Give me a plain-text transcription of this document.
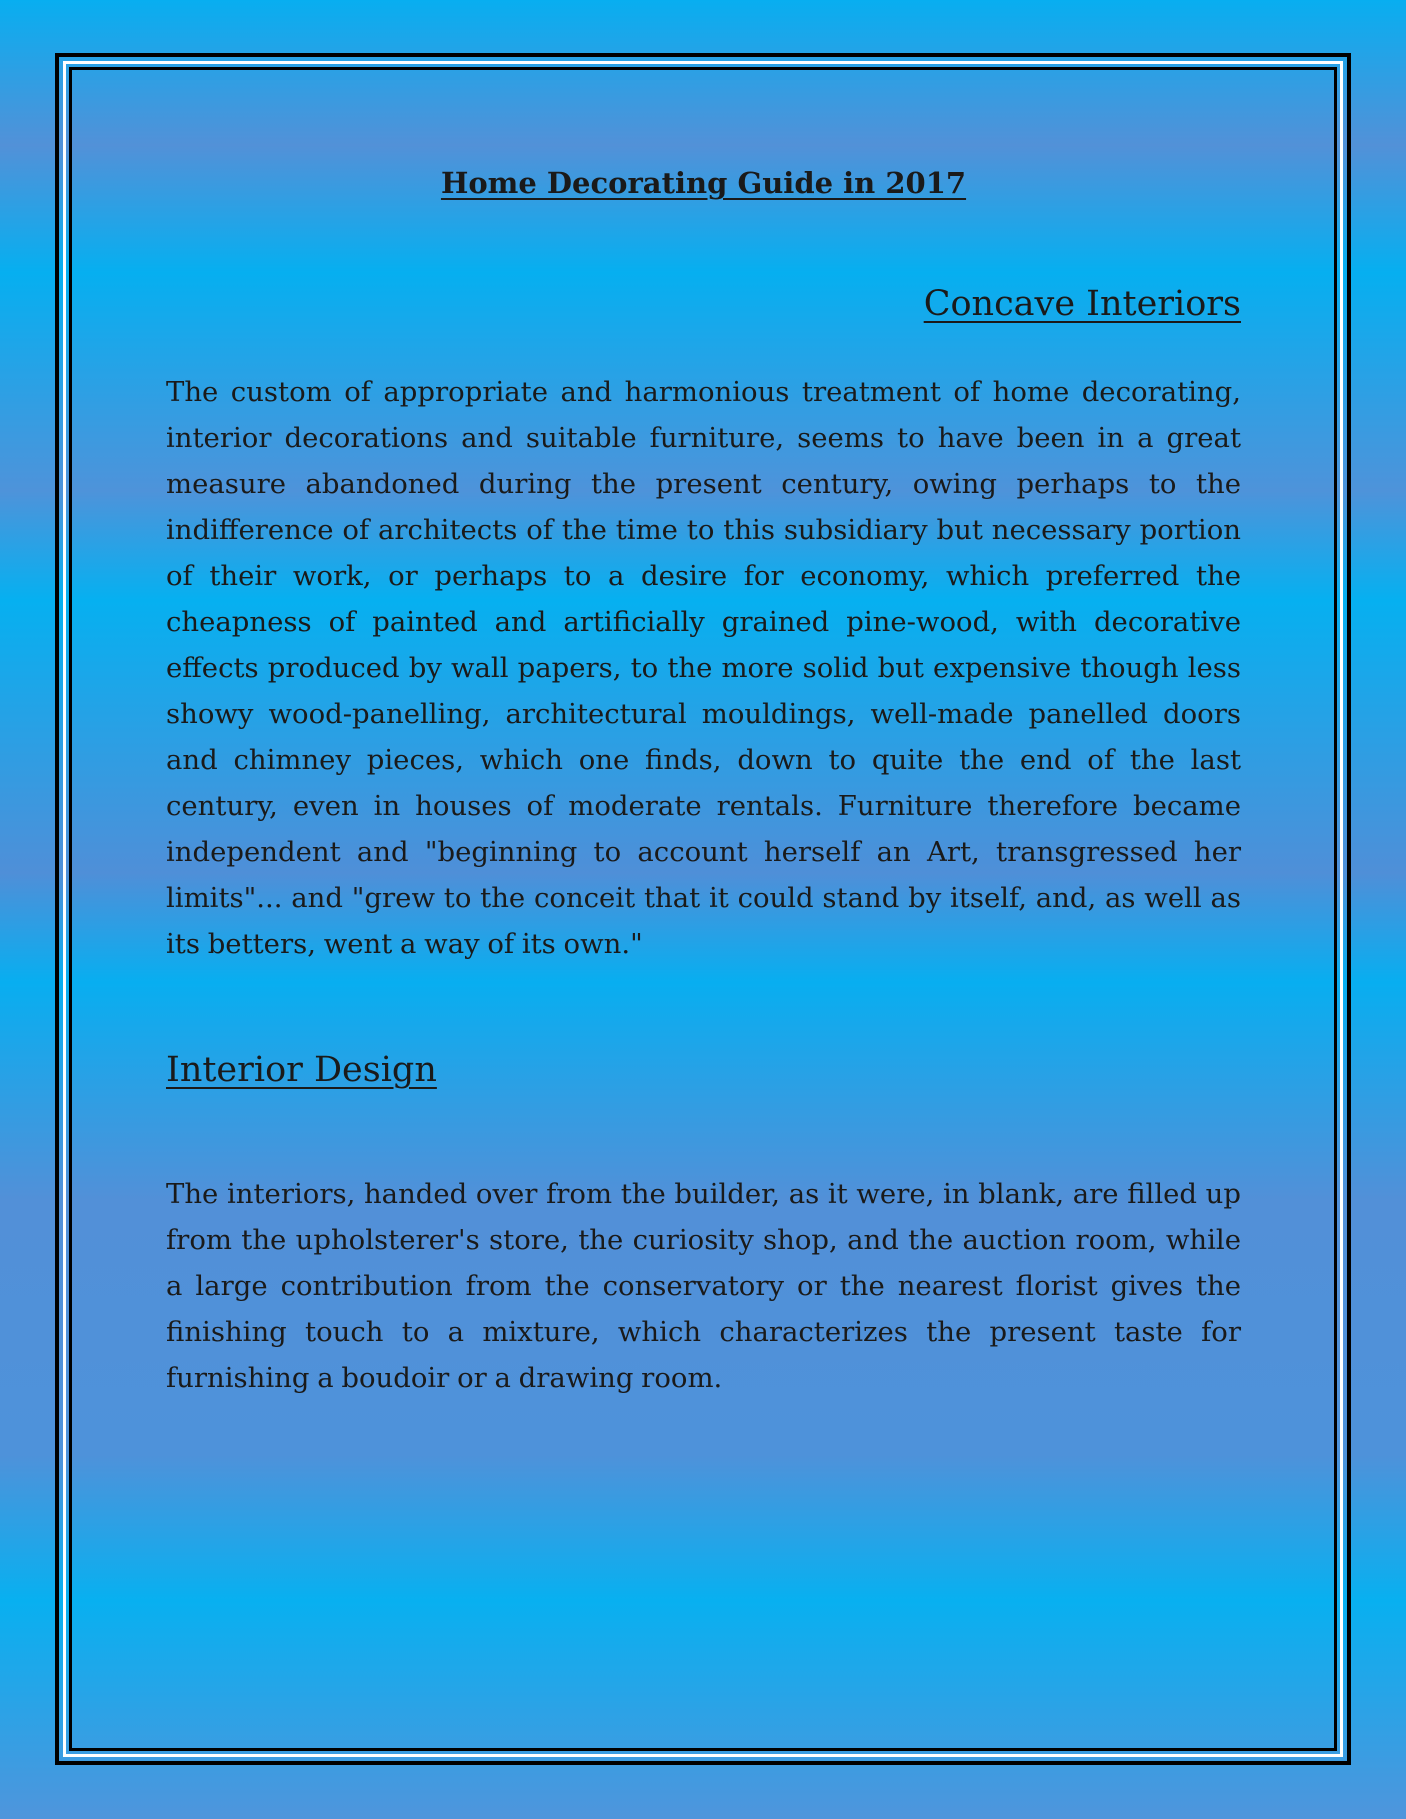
Home Decorating Guide in 2017
Concave Interiors

The custom of appropriate and harmonious treatment of home decorating, interior decorations and suitable furniture, seems to have been in a great measure abandoned during the present century, owing perhaps to the indifference of architects of the time to this subsidiary but necessary portion of their work, or perhaps to a desire for economy, which preferred the cheapness of painted and artificially grained pine-wood, with decorative effects produced by wall papers, to the more solid but expensive though less showy wood-panelling, architectural mouldings, well-made panelled doors and chimney pieces, which one finds, down to quite the end of the last century, even in houses of moderate rentals. Furniture therefore became independent and "beginning to account herself an Art, transgressed her limits"... and "grew to the conceit that it could stand by itself, and, as well as its betters, went a way of its own."

Interior Design

The interiors, handed over from the builder, as it were, in blank, are filled up from the upholsterer's store, the curiosity shop, and the auction room, while a large contribution from the conservatory or the nearest florist gives the finishing touch to a mixture, which characterizes the present taste for furnishing a boudoir or a drawing room.
